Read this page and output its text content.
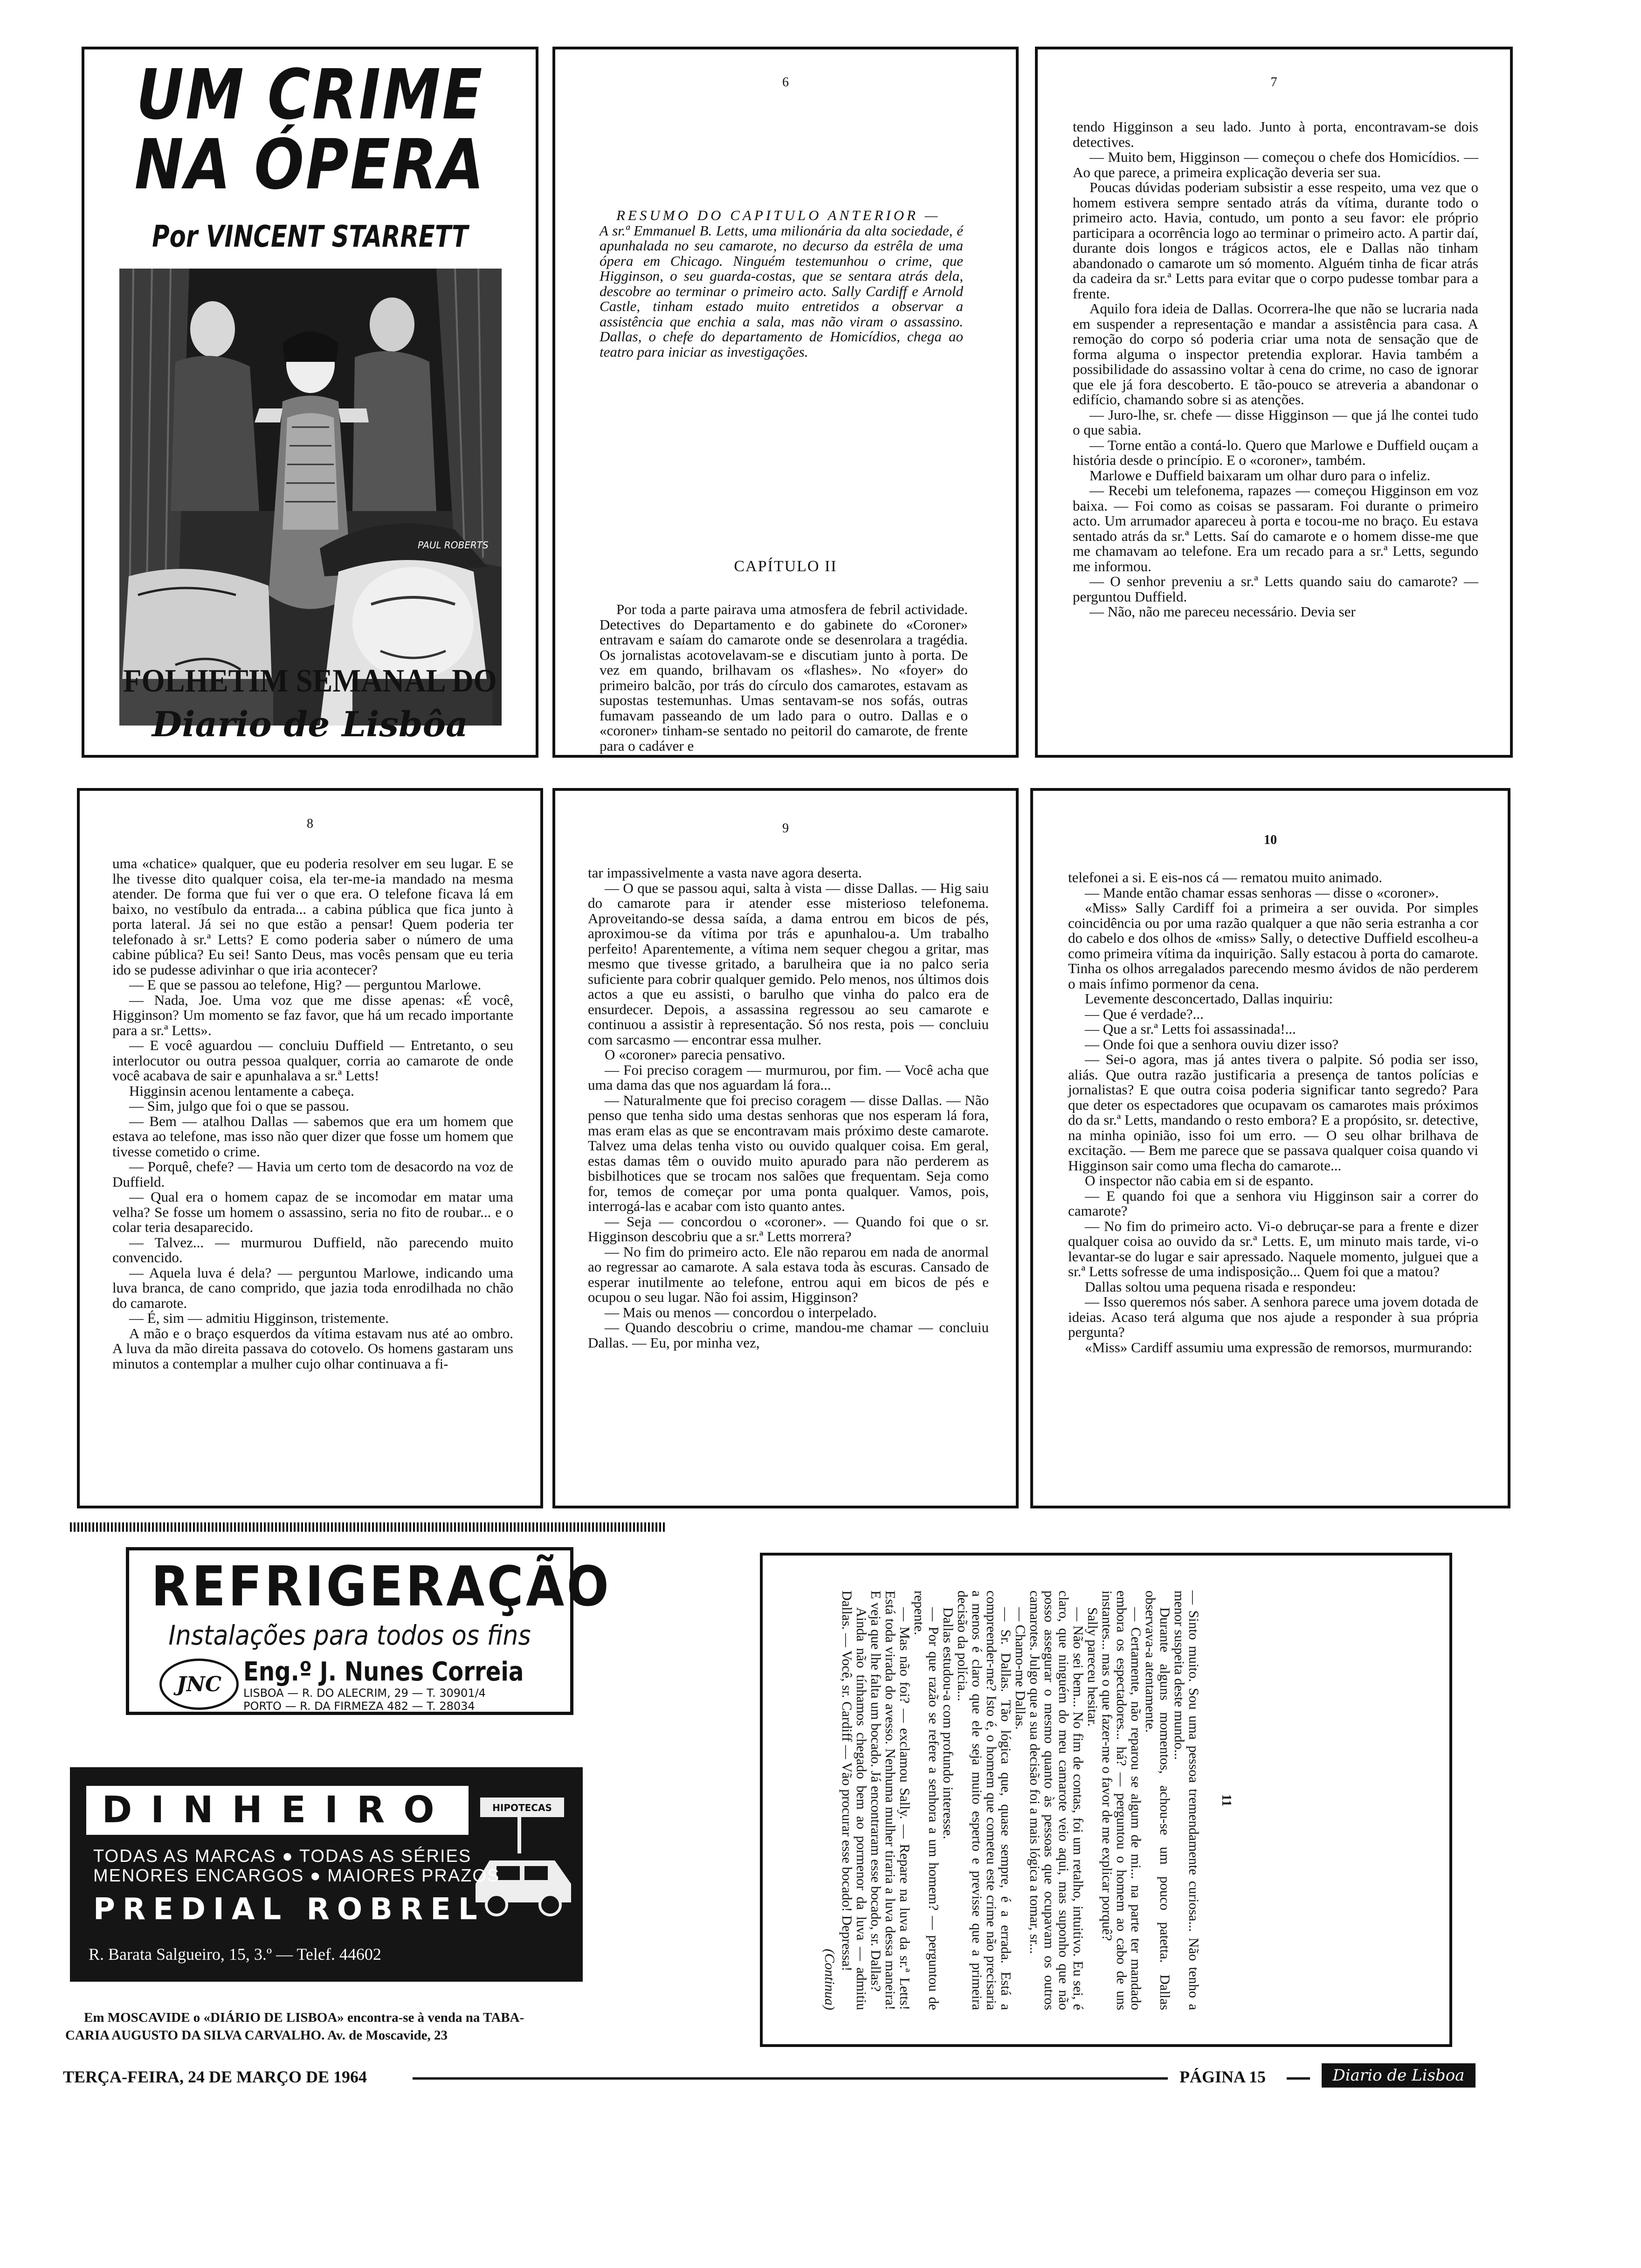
UM CRIME
NA ÓPERA
Por VINCENT STARRETT
PAUL ROBERTS
FOLHETIM SEMANAL DO
Diario de Lisbôa
6

RESUMO DO CAPITULO ANTERIOR —

A sr.ª Emmanuel B. Letts, uma milionária da alta sociedade, é apunhalada no seu camarote, no decurso da estrêla de uma ópera em Chicago. Ninguém testemunhou o crime, que Higginson, o seu guarda-costas, que se sentara atrás dela, descobre ao terminar o primeiro acto. Sally Cardiff e Arnold Castle, tinham estado muito entretidos a observar a assistência que enchia a sala, mas não viram o assassino. Dallas, o chefe do departamento de Homicídios, chega ao teatro para iniciar as investigações.

CAPÍTULO II

Por toda a parte pairava uma atmosfera de febril actividade. Detectives do Departamento e do gabinete do «Coroner» entravam e saíam do camarote onde se desenrolara a tragédia. Os jornalistas acotovelavam-se e discutiam junto à porta. De vez em quando, brilhavam os «flashes». No «foyer» do primeiro balcão, por trás do círculo dos camarotes, estavam as supostas testemunhas. Umas sentavam-se nos sofás, outras fumavam passeando de um lado para o outro. Dallas e o «coroner» tinham-se sentado no peitoril do camarote, de frente para o cadáver e

7

tendo Higginson a seu lado. Junto à porta, encontravam-se dois detectives.

— Muito bem, Higginson — começou o chefe dos Homicídios. — Ao que parece, a primeira explicação deveria ser sua.

Poucas dúvidas poderiam subsistir a esse respeito, uma vez que o homem estivera sempre sentado atrás da vítima, durante todo o primeiro acto. Havia, contudo, um ponto a seu favor: ele próprio participara a ocorrência logo ao terminar o primeiro acto. A partir daí, durante dois longos e trágicos actos, ele e Dallas não tinham abandonado o camarote um só momento. Alguém tinha de ficar atrás da cadeira da sr.ª Letts para evitar que o corpo pudesse tombar para a frente.

Aquilo fora ideia de Dallas. Ocorrera-lhe que não se lucraria nada em suspender a representação e mandar a assistência para casa. A remoção do corpo só poderia criar uma nota de sensação que de forma alguma o inspector pretendia explorar. Havia também a possibilidade do assassino voltar à cena do crime, no caso de ignorar que ele já fora descoberto. E tão-pouco se atreveria a abandonar o edifício, chamando sobre si as atenções.

— Juro-lhe, sr. chefe — disse Higginson — que já lhe contei tudo o que sabia.

— Torne então a contá-lo. Quero que Marlowe e Duffield ouçam a história desde o princípio. E o «coroner», também.

Marlowe e Duffield baixaram um olhar duro para o infeliz.

— Recebi um telefonema, rapazes — começou Higginson em voz baixa. — Foi como as coisas se passaram. Foi durante o primeiro acto. Um arrumador apareceu à porta e tocou-me no braço. Eu estava sentado atrás da sr.ª Letts. Saí do camarote e o homem disse-me que me chamavam ao telefone. Era um recado para a sr.ª Letts, segundo me informou.

— O senhor preveniu a sr.ª Letts quando saiu do camarote? — perguntou Duffield.

— Não, não me pareceu necessário. Devia ser

8

uma «chatice» qualquer, que eu poderia resolver em seu lugar. E se lhe tivesse dito qualquer coisa, ela ter-me-ia mandado na mesma atender. De forma que fui ver o que era. O telefone ficava lá em baixo, no vestíbulo da entrada... a cabina pública que fica junto à porta lateral. Já sei no que estão a pensar! Quem poderia ter telefonado à sr.ª Letts? E como poderia saber o número de uma cabine pública? Eu sei! Santo Deus, mas vocês pensam que eu teria ido se pudesse adivinhar o que iria acontecer?

— E que se passou ao telefone, Hig? — perguntou Marlowe.

— Nada, Joe. Uma voz que me disse apenas: «É você, Higginson? Um momento se faz favor, que há um recado importante para a sr.ª Letts».

— E você aguardou — concluiu Duffield — Entretanto, o seu interlocutor ou outra pessoa qualquer, corria ao camarote de onde você acabava de sair e apunhalava a sr.ª Letts!

Higginsin acenou lentamente a cabeça.

— Sim, julgo que foi o que se passou.

— Bem — atalhou Dallas — sabemos que era um homem que estava ao telefone, mas isso não quer dizer que fosse um homem que tivesse cometido o crime.

— Porquê, chefe? — Havia um certo tom de desacordo na voz de Duffield.

— Qual era o homem capaz de se incomodar em matar uma velha? Se fosse um homem o assassino, seria no fito de roubar... e o colar teria desaparecido.

— Talvez... — murmurou Duffield, não parecendo muito convencido.

— Aquela luva é dela? — perguntou Marlowe, indicando uma luva branca, de cano comprido, que jazia toda enrodilhada no chão do camarote.

— É, sim — admitiu Higginson, tristemente.

A mão e o braço esquerdos da vítima estavam nus até ao ombro. A luva da mão direita passava do cotovelo. Os homens gastaram uns minutos a contemplar a mulher cujo olhar continuava a fi-

9

tar impassivelmente a vasta nave agora deserta.

— O que se passou aqui, salta à vista — disse Dallas. — Hig saiu do camarote para ir atender esse misterioso telefonema. Aproveitando-se dessa saída, a dama entrou em bicos de pés, aproximou-se da vítima por trás e apunhalou-a. Um trabalho perfeito! Aparentemente, a vítima nem sequer chegou a gritar, mas mesmo que tivesse gritado, a barulheira que ia no palco seria suficiente para cobrir qualquer gemido. Pelo menos, nos últimos dois actos a que eu assisti, o barulho que vinha do palco era de ensurdecer. Depois, a assassina regressou ao seu camarote e continuou a assistir à representação. Só nos resta, pois — concluiu com sarcasmo — encontrar essa mulher.

O «coroner» parecia pensativo.

— Foi preciso coragem — murmurou, por fim. — Você acha que uma dama das que nos aguardam lá fora...

— Naturalmente que foi preciso coragem — disse Dallas. — Não penso que tenha sido uma destas senhoras que nos esperam lá fora, mas eram elas as que se encontravam mais próximo deste camarote. Talvez uma delas tenha visto ou ouvido qualquer coisa. Em geral, estas damas têm o ouvido muito apurado para não perderem as bisbilhotices que se trocam nos salões que frequentam. Seja como for, temos de começar por uma ponta qualquer. Vamos, pois, interrogá-las e acabar com isto quanto antes.

— Seja — concordou o «coroner». — Quando foi que o sr. Higginson descobriu que a sr.ª Letts morrera?

— No fim do primeiro acto. Ele não reparou em nada de anormal ao regressar ao camarote. A sala estava toda às escuras. Cansado de esperar inutilmente ao telefone, entrou aqui em bicos de pés e ocupou o seu lugar. Não foi assim, Higginson?

— Mais ou menos — concordou o interpelado.

— Quando descobriu o crime, mandou-me chamar — concluiu Dallas. — Eu, por minha vez,

10

telefonei a si. E eis-nos cá — rematou muito animado.

— Mande então chamar essas senhoras — disse o «coroner».

«Miss» Sally Cardiff foi a primeira a ser ouvida. Por simples coincidência ou por uma razão qualquer a que não seria estranha a cor do cabelo e dos olhos de «miss» Sally, o detective Duffield escolheu-a como primeira vítima da inquirição. Sally estacou à porta do camarote. Tinha os olhos arregalados parecendo mesmo ávidos de não perderem o mais ínfimo pormenor da cena.

Levemente desconcertado, Dallas inquiriu:

— Que é verdade?...

— Que a sr.ª Letts foi assassinada!...

— Onde foi que a senhora ouviu dizer isso?

— Sei-o agora, mas já antes tivera o palpite. Só podia ser isso, aliás. Que outra razão justificaria a presença de tantos polícias e jornalistas? E que outra coisa poderia significar tanto segredo? Para que deter os espectadores que ocupavam os camarotes mais próximos do da sr.ª Letts, mandando o resto embora? E a propósito, sr. detective, na minha opinião, isso foi um erro. — O seu olhar brilhava de excitação. — Bem me parece que se passava qualquer coisa quando vi Higginson sair como uma flecha do camarote...

O inspector não cabia em si de espanto.

— E quando foi que a senhora viu Higginson sair a correr do camarote?

— No fim do primeiro acto. Vi-o debruçar-se para a frente e dizer qualquer coisa ao ouvido da sr.ª Letts. E, um minuto mais tarde, vi-o levantar-se do lugar e sair apressado. Naquele momento, julguei que a sr.ª Letts sofresse de uma indisposição... Quem foi que a matou?

Dallas soltou uma pequena risada e respondeu:

— Isso queremos nós saber. A senhora parece uma jovem dotada de ideias. Acaso terá alguma que nos ajude a responder à sua própria pergunta?

«Miss» Cardiff assumiu uma expressão de remorsos, murmurando:

REFRIGERAÇÃO
Instalações para todos os fins
JNC Eng.º J. Nunes Correia
LISBOA — R. DO ALECRIM, 29 — T. 30901/4
PORTO — R. DA FIRMEZA 482 — T. 28034
DINHEIRO	HIPOTECAS
TODAS AS MARCAS ● TODAS AS SÉRIES
MENORES ENCARGOS ● MAIORES PRAZOS
PREDIAL ROBREL
R. Barata Salgueiro, 15, 3.º — Telef. 44602
Em MOSCAVIDE o «DIÁRIO DE LISBOA» encontra-se à venda na TABA-
CARIA AUGUSTO DA SILVA CARVALHO. Av. de Moscavide, 23
11

— Sinto muito. Sou uma pessoa tremendamente curiosa... Não tenho a menor suspeita deste mundo...

Durante alguns momentos, achou-se um pouco patetta. Dallas observava-a atentamente.

— Certamente, não reparou se algum de mi... na parte ter mandado embora os espectadores... há? — perguntou o homem ao cabo de uns instantes... mas o que fazer-me o favor de me explicar porquê?

Sally pareceu hesitar.

— Não sei bem... No fim de contas, foi um retalho, intuitivo. Eu sei, é claro, que ninguém do meu camarote veio aqui, mas suponho que não posso assegurar o mesmo quanto às pessoas que ocupavam os outros camarotes. Julgo que a sua decisão foi a mais lógica a tomar, sr...

— Chamo-me Dallas.

— Sr. Dallas. Tão lógica que, quase sempre, é a errada. Está a compreender-me? Isto é, o homem que cometeu este crime não precisaria a menos é claro que ele seja muito esperto e previsse que a primeira decisão da polícia...

Dallas estudou-a com profundo interesse.

— Por que razão se refere a senhora a um homem? — perguntou de repente.

— Mas não foi? — exclamou Sally. — Repare na luva da sr.ª Letts! Está toda virada do avesso. Nenhuma mulher tiraria a luva dessa maneira! E veja que lhe falta um bocado. Já encontraram esse bocado, sr. Dallas?

Ainda não tínhamos chegado bem ao pormenor da luva — admitiu Dallas. — Você, sr. Cardiff — Vão procurar esse bocado! Depressa!

(Continua)

TERÇA-FEIRA, 24 DE MARÇO DE 1964	PÁGINA 15	Diario de Lisboa
